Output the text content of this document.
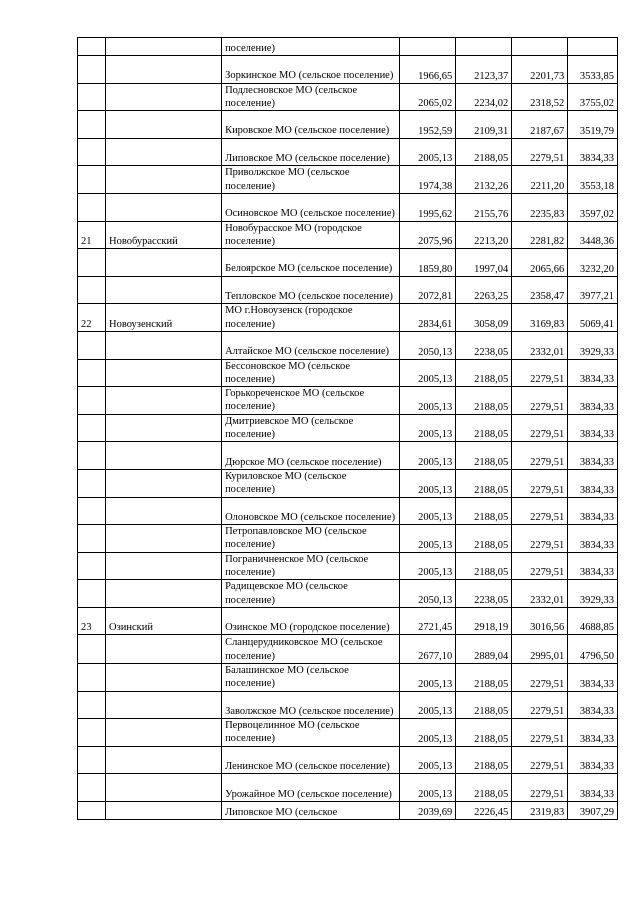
		поселение)				

		Зоркинское МО (сельское поселение)	1966,65	2123,37	2201,73	3533,85

		Подлесновское МО (сельское поселение)	2065,02	2234,02	2318,52	3755,02

		Кировское МО (сельское поселение)	1952,59	2109,31	2187,67	3519,79

		Липовское МО (сельское поселение)	2005,13	2188,05	2279,51	3834,33

		Приволжское МО (сельское поселение)	1974,38	2132,26	2211,20	3553,18

		Осиновское МО (сельское поселение)	1995,62	2155,76	2235,83	3597,02
21	Новобурасский	Новобурасское МО (городское поселение)	2075,96	2213,20	2281,82	3448,36

		Белоярское МО (сельское поселение)	1859,80	1997,04	2065,66	3232,20

		Тепловское МО (сельское поселение)	2072,81	2263,25	2358,47	3977,21
22	Новоузенский	МО г.Новоузенск (городское поселение)	2834,61	3058,09	3169,83	5069,41

		Алтайское МО (сельское поселение)	2050,13	2238,05	2332,01	3929,33

		Бессоновское МО (сельское поселение)	2005,13	2188,05	2279,51	3834,33

		Горькореченское МО (сельское поселение)	2005,13	2188,05	2279,51	3834,33

		Дмитриевское МО (сельское поселение)	2005,13	2188,05	2279,51	3834,33

		Дюрское МО (сельское поселение)	2005,13	2188,05	2279,51	3834,33

		Куриловское МО (сельское поселение)	2005,13	2188,05	2279,51	3834,33

		Олоновское МО (сельское поселение)	2005,13	2188,05	2279,51	3834,33

		Петропавловское МО (сельское поселение)	2005,13	2188,05	2279,51	3834,33

		Пограничненское МО (сельское поселение)	2005,13	2188,05	2279,51	3834,33

		Радищевское МО (сельское поселение)	2050,13	2238,05	2332,01	3929,33
23	Озинский	Озинское МО (городское поселение)	2721,45	2918,19	3016,56	4688,85

		Сланцерудниковское МО (сельское поселение)	2677,10	2889,04	2995,01	4796,50

		Балашинское МО (сельское поселение)	2005,13	2188,05	2279,51	3834,33

		Заволжское МО (сельское поселение)	2005,13	2188,05	2279,51	3834,33

		Первоцелинное МО (сельское поселение)	2005,13	2188,05	2279,51	3834,33

		Ленинское МО (сельское поселение)	2005,13	2188,05	2279,51	3834,33

		Урожайное МО (сельское поселение)	2005,13	2188,05	2279,51	3834,33

		Липовское МО (сельское	2039,69	2226,45	2319,83	3907,29
